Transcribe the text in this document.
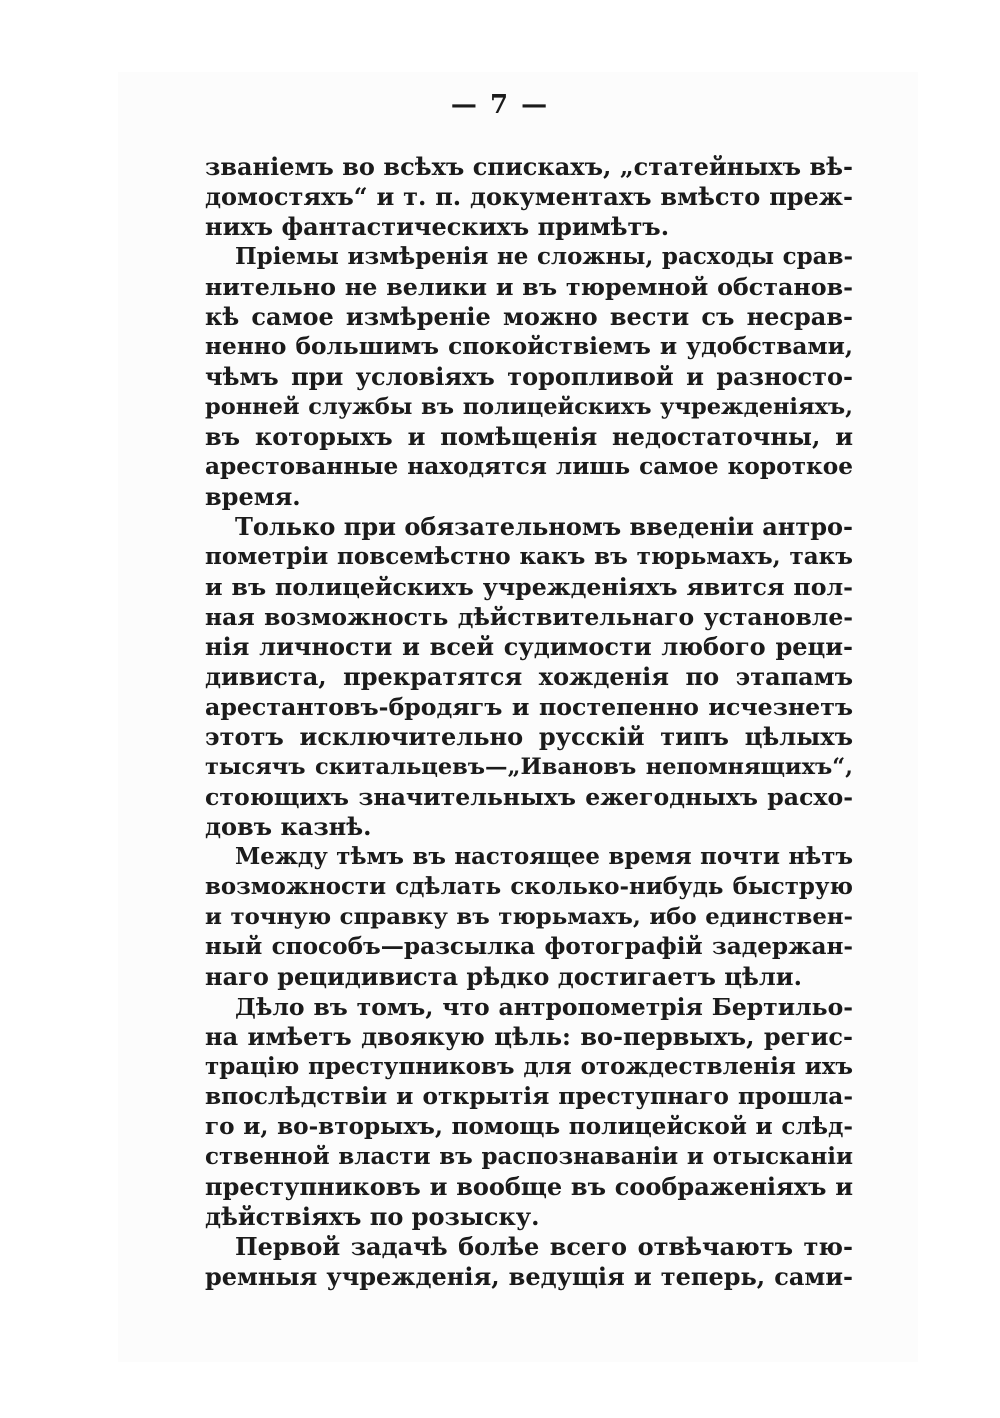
— 7 —
званіемъ во всѣхъ спискахъ, „статейныхъ вѣ-
домостяхъ“ и т. п. документахъ вмѣсто преж-
нихъ фантастическихъ примѣтъ.
Пріемы измѣренія не сложны, расходы срав-
нительно не велики и въ тюремной обстанов-
кѣ самое измѣреніе можно вести съ несрав-
ненно большимъ спокойствіемъ и удобствами,
чѣмъ при условіяхъ торопливой и разносто-
ронней службы въ полицейскихъ учрежденіяхъ,
въ которыхъ и помѣщенія недостаточны, и
арестованные находятся лишь самое короткое
время.
Только при обязательномъ введеніи антро-
пометріи повсемѣстно какъ въ тюрьмахъ, такъ
и въ полицейскихъ учрежденіяхъ явится пол-
ная возможность дѣйствительнаго установле-
нія личности и всей судимости любого реци-
дивиста, прекратятся хожденія по этапамъ
арестантовъ-бродягъ и постепенно исчезнетъ
этотъ исключительно русскій типъ цѣлыхъ
тысячъ скитальцевъ—„Ивановъ непомнящихъ“,
стоющихъ значительныхъ ежегодныхъ расхо-
довъ казнѣ.
Между тѣмъ въ настоящее время почти нѣтъ
возможности сдѣлать сколько-нибудь быструю
и точную справку въ тюрьмахъ, ибо единствен-
ный способъ—разсылка фотографій задержан-
наго рецидивиста рѣдко достигаетъ цѣли.
Дѣло въ томъ, что антропометрія Бертильо-
на имѣетъ двоякую цѣль: во-первыхъ, регис-
трацію преступниковъ для отождествленія ихъ
впослѣдствіи и открытія преступнаго прошла-
го и, во-вторыхъ, помощь полицейской и слѣд-
ственной власти въ распознаваніи и отысканіи
преступниковъ и вообще въ соображеніяхъ и
дѣйствіяхъ по розыску.
Первой задачѣ болѣе всего отвѣчаютъ тю-
ремныя учрежденія, ведущія и теперь, сами-
